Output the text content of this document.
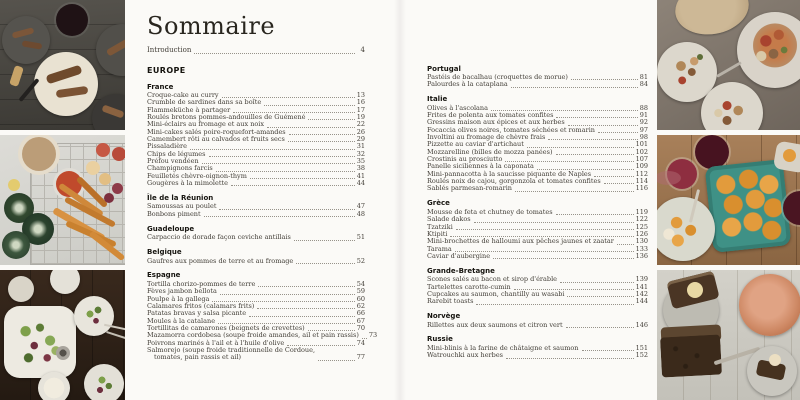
Sommaire
Introduction	4
EUROPE
France
Croque-cake au curry	13
Crumble de sardines dans sa boîte	16
Flammeküche à partager	17
Roulés bretons pommes-andouilles de Guémené	19
Mini-éclairs au fromage et aux noix	22
Mini-cakes salés poire-roquefort-amandes	26
Camembert rôti au calvados et fruits secs	29
Pissaladière	31
Chips de légumes	32
Préfou vendéen	35
Champignons farcis	38
Feuilletés chèvre-oignon-thym	41
Gougères à la mimolette	44
Île de la Réunion
Samoussas au poulet	47
Bonbons piment	48
Guadeloupe
Carpaccio de dorade façon ceviche antillais	51
Belgique
Gaufres aux pommes de terre et au fromage	52
Espagne
Tortilla chorizo-pommes de terre	54
Fèves jambon bellota	59
Poulpe à la gallega	60
Calamares fritos (calamars frits)	62
Patatas bravas y salsa picante	66
Moules à la catalane	67
Tortillitas de camarones (beignets de crevettes)	70
Mazamorra cordobesa (soupe froide amandes, ail et pain rassis) 73
Poivrons marinés à l'ail et à l'huile d'olive	74
Salmorejo (soupe froide traditionnelle de Cordoue,
tomates, pain rassis et ail)	77
Portugal
Pastéis de bacalhau (croquettes de morue)	81
Palourdes à la cataplana	84
Italie
Olives à l'ascolana	88
Frites de polenta aux tomates confites	91
Gressins maison aux épices et aux herbes	92
Focaccia olives noires, tomates séchées et romarin	97
Involtini au fromage de chèvre frais	98
Pizzette au caviar d'artichaut	101
Mozzarelline (billes de mozza panées)	102
Crostinis au prosciutto	107
Panelle siciliennes à la caponata	109
Mini-pannacotta à la saucisse piquante de Naples	112
Roulés noix de cajou, gorgonzola et tomates confites	114
Sablés parmesan-romarin	116
Grèce
Mousse de feta et chutney de tomates	119
Salade dakos	122
Tzatziki	125
Ktipiti	126
Mini-brochettes de halloumi aux pêches jaunes et zaatar	130
Tarama	133
Caviar d'aubergine	136
Grande-Bretagne
Scones salés au bacon et sirop d'érable	139
Tartelettes carotte-cumin	141
Cupcakes au saumon, chantilly au wasabi	142
Rarebit toasts	144
Norvège
Rillettes aux deux saumons et citron vert	146
Russie
Mini-blinis à la farine de châtaigne et saumon	151
Watrouchki aux herbes	152
